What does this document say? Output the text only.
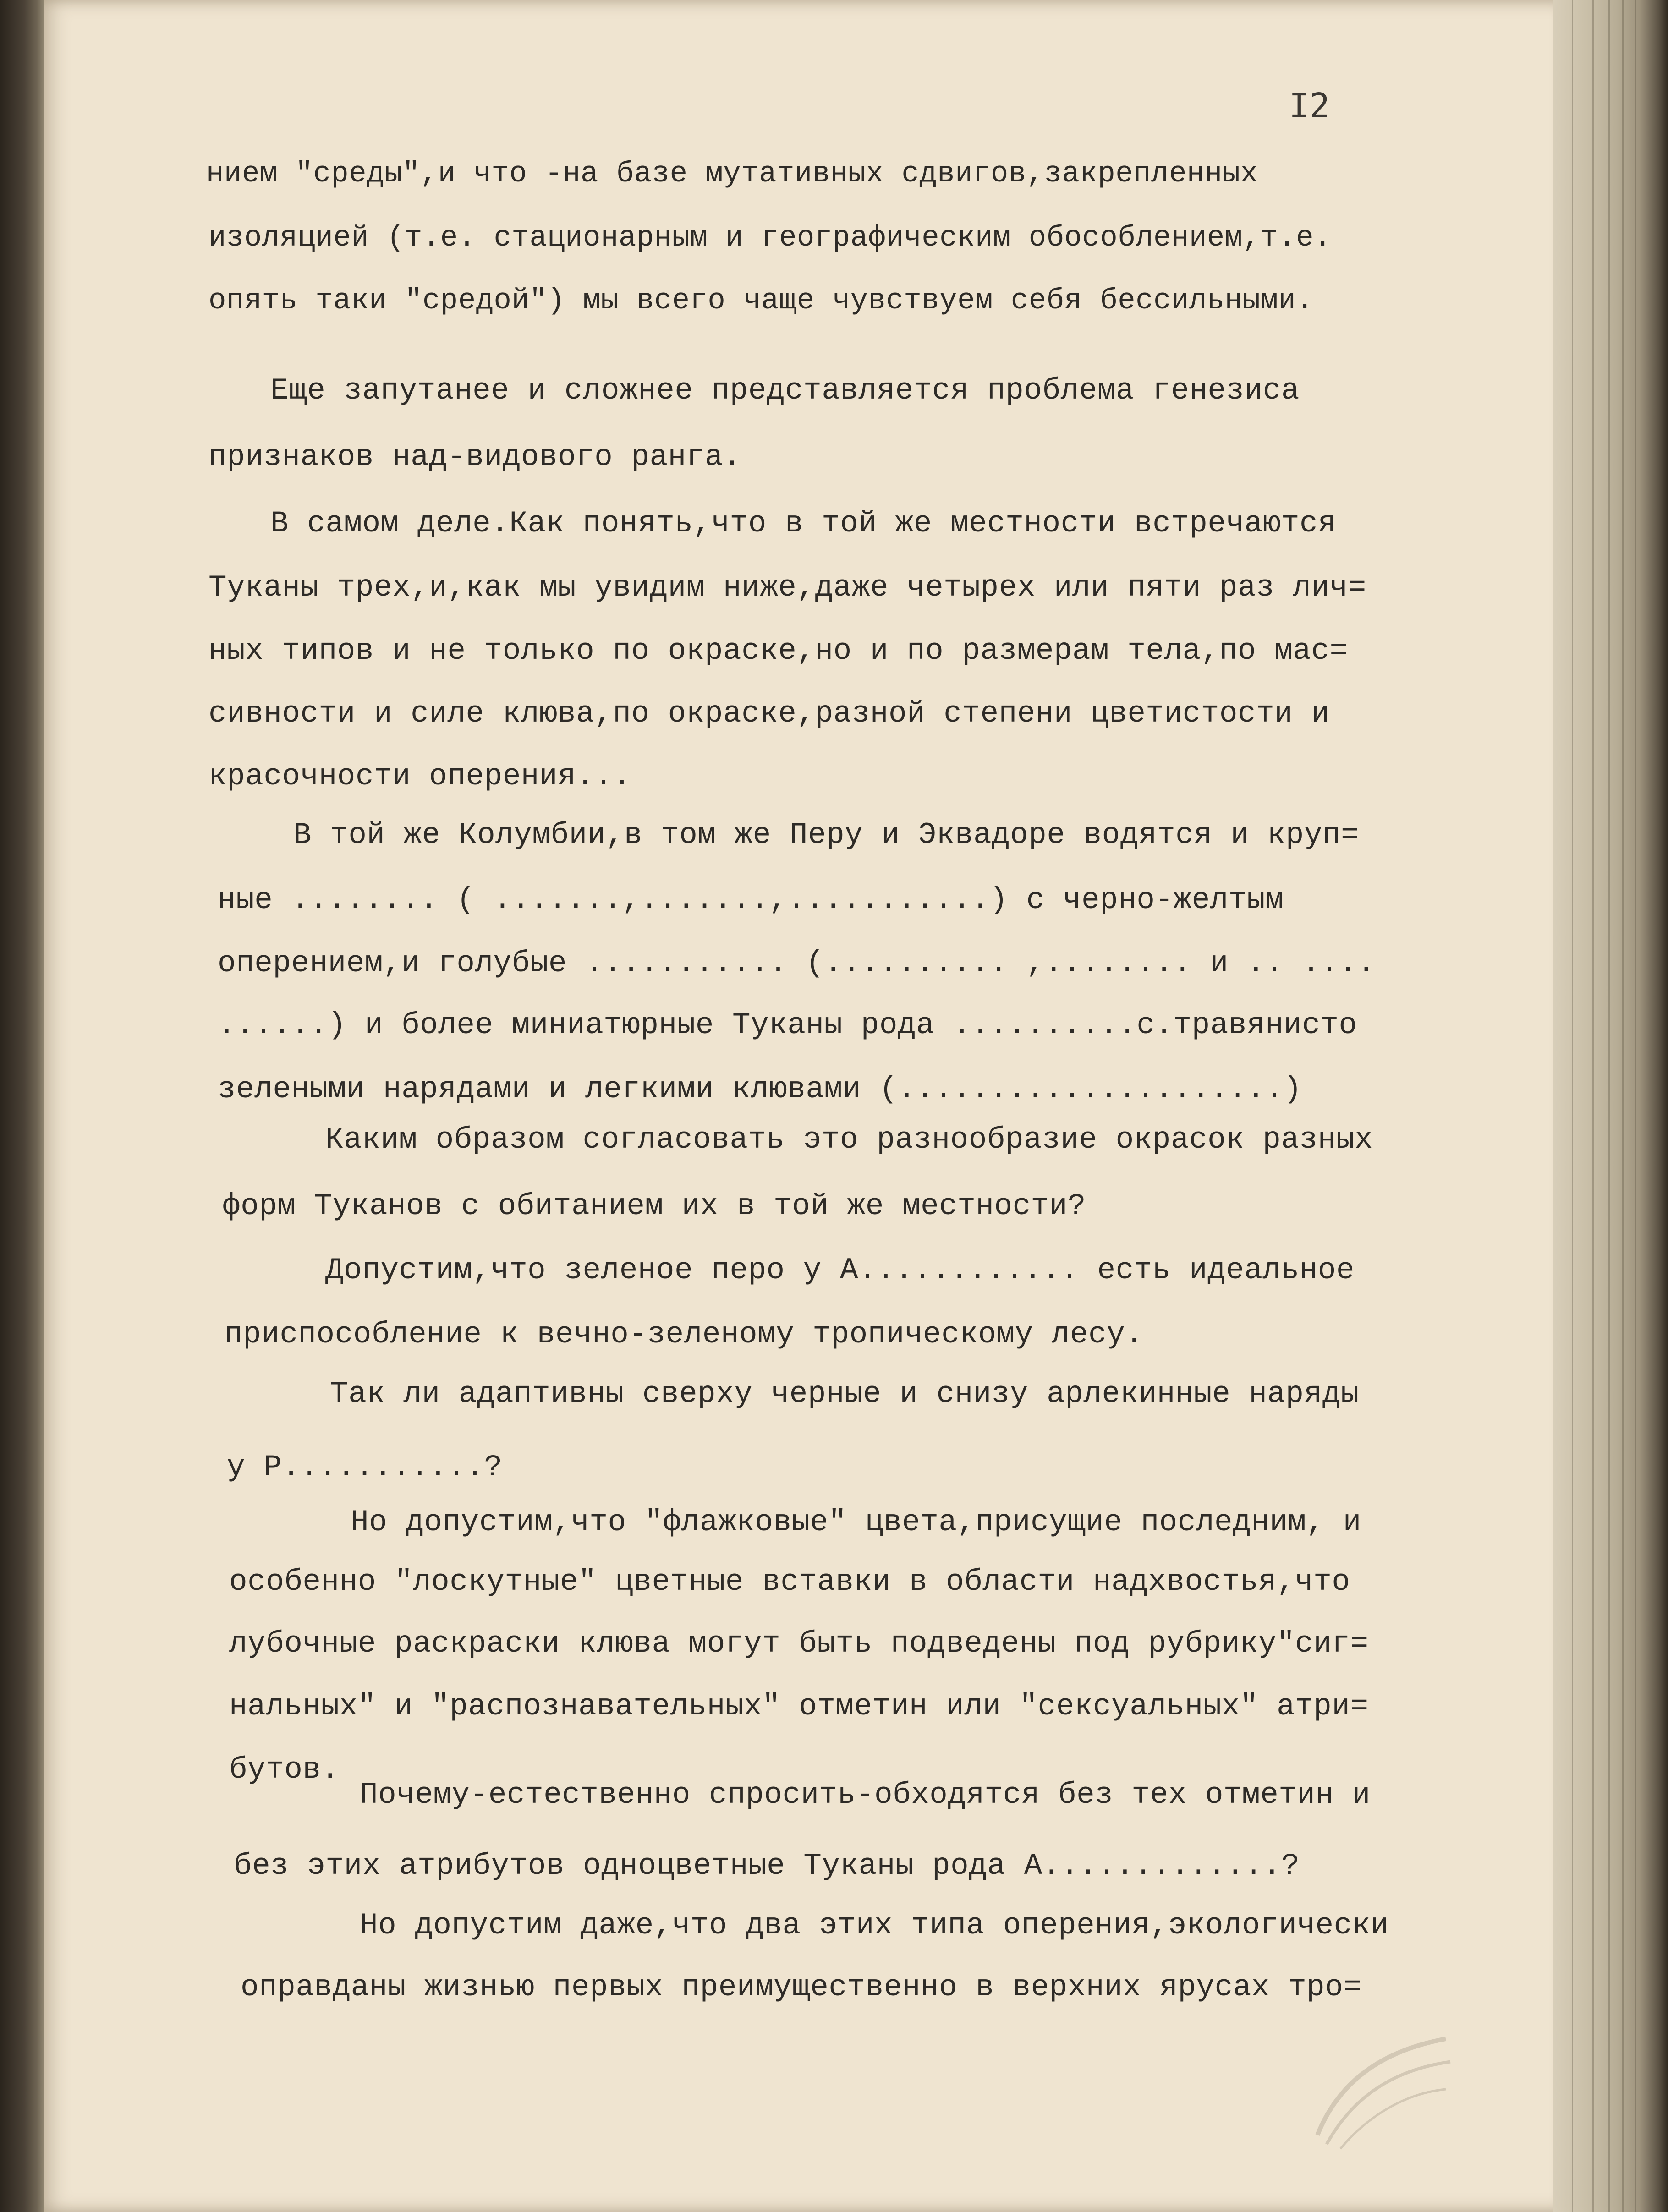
I2
нием "среды",и что -на базе мутативных сдвигов,закрепленных
изоляцией (т.е. стационарным и географическим обособлением,т.е.
опять таки "средой") мы всего чаще чувствуем себя бессильными.
Еще запутанее и сложнее представляется проблема генезиса
признаков над-видового ранга.
В самом деле.Как понять,что в той же местности встречаются
Туканы трех,и,как мы увидим ниже,даже четырех или пяти раз лич=
ных типов и не только по окраске,но и по размерам тела,по мас=
сивности и силе клюва,по окраске,разной степени цветистости и
красочности оперения...
В той же Колумбии,в том же Перу и Эквадоре водятся и круп=
ные ........ ( .......,.......,...........) с черно-желтым
оперением,и голубые ........... (.......... ,........ и .. ....
......) и более миниатюрные Туканы рода ..........с.травянисто
зелеными нарядами и легкими клювами (.....................)
Каким образом согласовать это разнообразие окрасок разных
форм Туканов с обитанием их в той же местности?
Допустим,что зеленое перо у А............ есть идеальное
приспособление к вечно-зеленому тропическому лесу.
Так ли адаптивны сверху черные и снизу арлекинные наряды
у Р...........?
Но допустим,что "флажковые" цвета,присущие последним, и
особенно "лоскутные" цветные вставки в области надхвостья,что
лубочные раскраски клюва могут быть подведены под рубрику"сиг=
нальных" и "распознавательных" отметин или "сексуальных" атри=
бутов.
Почему-естественно спросить-обходятся без тех отметин и
без этих атрибутов одноцветные Туканы рода А.............?
Но допустим даже,что два этих типа оперения,экологически
оправданы жизнью первых преимущественно в верхних ярусах тро=
